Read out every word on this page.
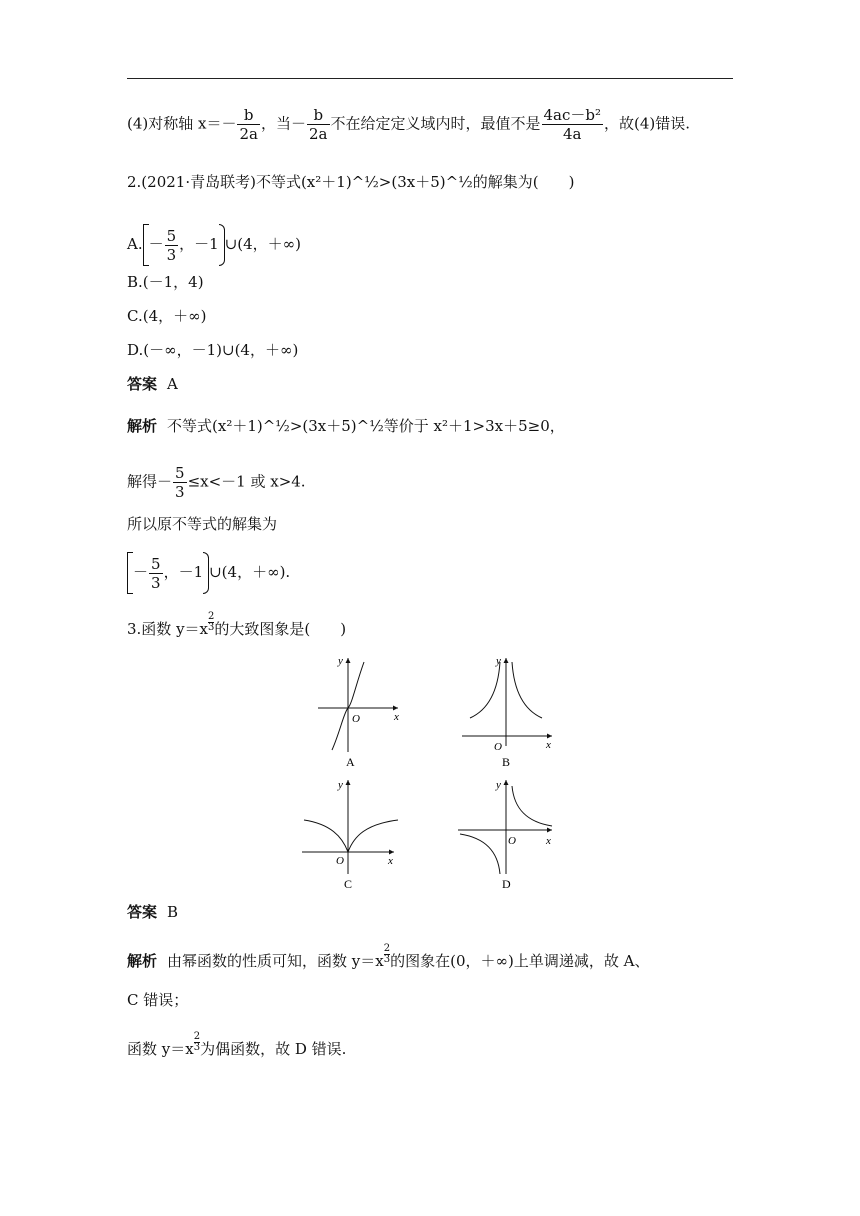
(4)对称轴 $x=- \frac{b}{2a}$ ，当－ $\frac{b}{2a}$ 不在给定定义域内时，最值不是 $\frac{\text{4ac－b²}}{4a}$ ，故(4)错误.
2.(2021·青岛联考)不等式(x²＋1)^½>(3x＋5)^½的解集为(　　)
A. － $\frac{5}{3}$ ，－1 ∪(4，＋∞)
B.(－1，4)
C.(4，＋∞)
D.(－∞，－1)∪(4，＋∞)
答案 A
解析 不等式(x²＋1)^½>(3x＋5)^½等价于 x²＋1>3x＋5≥0，
解得－ $\frac{5}{3} \le x<-1$ 或 x>4.
所以原不等式的解集为
－ $\frac{5}{3}$ ，－1 ∪(4，＋∞).
3.函数 $y=x \frac{2}{3}$ 的大致图象是(　　)
y
x
O
A
y
x
O
B
y
x
O
C
y
x
O
D
答案 B
解析 由幂函数的性质可知，函数 $y=x \frac{2}{3}$ 的图象在(0，＋∞)上单调递减，故 A、
C 错误；
函数 $y=x \frac{2}{3}$ 为偶函数，故 D 错误.
